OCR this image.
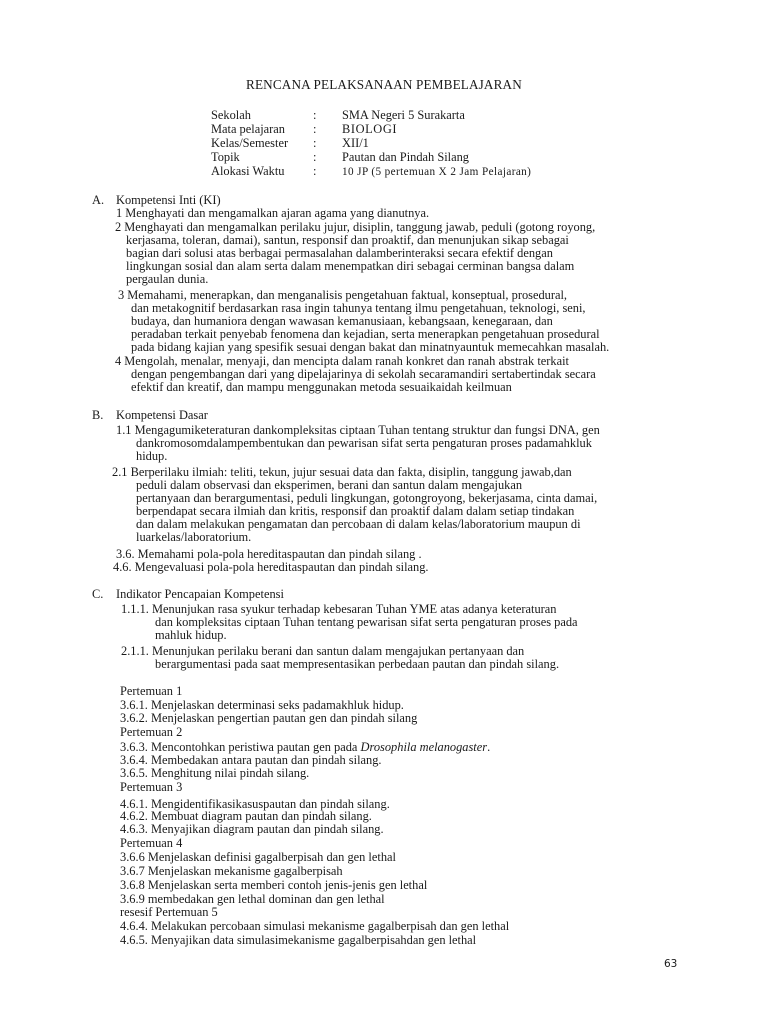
RENCANA PELAKSANAAN PEMBELAJARAN
Sekolah	: SMA Negeri 5 Surakarta
Mata pelajaran : BIOLOGI
Kelas/Semester : XII/1
Topik	: Pautan dan Pindah Silang
Alokasi Waktu : 10 JP (5 pertemuan X 2 Jam Pelajaran)
A. Kompetensi Inti (KI)
1 Menghayati dan mengamalkan ajaran agama yang dianutnya.
2 Menghayati dan mengamalkan perilaku jujur, disiplin, tanggung jawab, peduli (gotong royong,
kerjasama, toleran, damai), santun, responsif dan proaktif, dan menunjukan sikap sebagai
bagian dari solusi atas berbagai permasalahan dalamberinteraksi secara efektif dengan
lingkungan sosial dan alam serta dalam menempatkan diri sebagai cerminan bangsa dalam
pergaulan dunia.
3 Memahami, menerapkan, dan menganalisis pengetahuan faktual, konseptual, prosedural,
dan metakognitif berdasarkan rasa ingin tahunya tentang ilmu pengetahuan, teknologi, seni,
budaya, dan humaniora dengan wawasan kemanusiaan, kebangsaan, kenegaraan, dan
peradaban terkait penyebab fenomena dan kejadian, serta menerapkan pengetahuan prosedural
pada bidang kajian yang spesifik sesuai dengan bakat dan minatnyauntuk memecahkan masalah.
4 Mengolah, menalar, menyaji, dan mencipta dalam ranah konkret dan ranah abstrak terkait
dengan pengembangan dari yang dipelajarinya di sekolah secaramandiri sertabertindak secara
efektif dan kreatif, dan mampu menggunakan metoda sesuaikaidah keilmuan
B. Kompetensi Dasar
1.1 Mengagumiketeraturan dankompleksitas ciptaan Tuhan tentang struktur dan fungsi DNA, gen
dankromosomdalampembentukan dan pewarisan sifat serta pengaturan proses padamahkluk
hidup.
2.1 Berperilaku ilmiah: teliti, tekun, jujur sesuai data dan fakta, disiplin, tanggung jawab,dan
peduli dalam observasi dan eksperimen, berani dan santun dalam mengajukan
pertanyaan dan berargumentasi, peduli lingkungan, gotongroyong, bekerjasama, cinta damai,
berpendapat secara ilmiah dan kritis, responsif dan proaktif dalam dalam setiap tindakan
dan dalam melakukan pengamatan dan percobaan di dalam kelas/laboratorium maupun di
luarkelas/laboratorium.
3.6. Memahami pola-pola hereditaspautan dan pindah silang .
4.6. Mengevaluasi pola-pola hereditaspautan dan pindah silang.
C. Indikator Pencapaian Kompetensi
1.1.1. Menunjukan rasa syukur terhadap kebesaran Tuhan YME atas adanya keteraturan
dan kompleksitas ciptaan Tuhan tentang pewarisan sifat serta pengaturan proses pada
mahluk hidup.
2.1.1. Menunjukan perilaku berani dan santun dalam mengajukan pertanyaan dan
berargumentasi pada saat mempresentasikan perbedaan pautan dan pindah silang.
Pertemuan 1
3.6.1. Menjelaskan determinasi seks padamakhluk hidup.
3.6.2. Menjelaskan pengertian pautan gen dan pindah silang
Pertemuan 2
3.6.3. Mencontohkan peristiwa pautan gen pada Drosophila melanogaster.
3.6.4. Membedakan antara pautan dan pindah silang.
3.6.5. Menghitung nilai pindah silang.
Pertemuan 3
4.6.1. Mengidentifikasikasuspautan dan pindah silang.
4.6.2. Membuat diagram pautan dan pindah silang.
4.6.3. Menyajikan diagram pautan dan pindah silang.
Pertemuan 4
3.6.6 Menjelaskan definisi gagalberpisah dan gen lethal
3.6.7 Menjelaskan mekanisme gagalberpisah
3.6.8 Menjelaskan serta memberi contoh jenis-jenis gen lethal
3.6.9 membedakan gen lethal dominan dan gen lethal
resesif Pertemuan 5
4.6.4. Melakukan percobaan simulasi mekanisme gagalberpisah dan gen lethal
4.6.5. Menyajikan data simulasimekanisme gagalberpisahdan gen lethal
63
